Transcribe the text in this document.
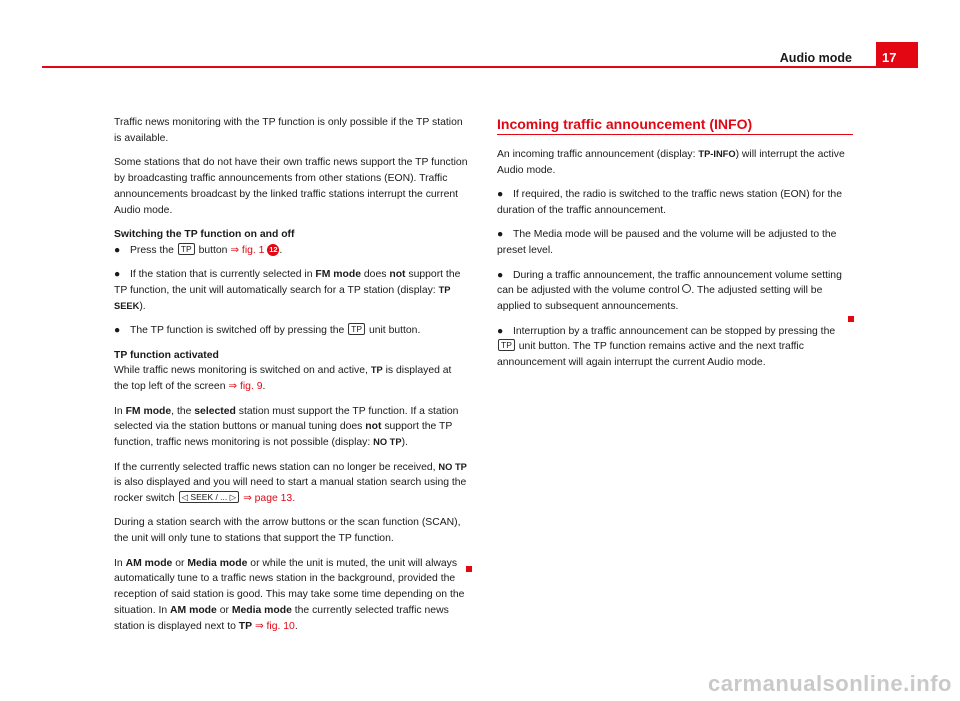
Audio mode	17

Traffic news monitoring with the TP function is only possible if the TP station is available.

Some stations that do not have their own traffic news support the TP function by broadcasting traffic announcements from other stations (EON). Traffic announcements broadcast by the linked traffic stations interrupt the current Audio mode.

Switching the TP function on and off

● Press the TP button ⇒ fig. 1 12 .

● If the station that is currently selected in FM mode does not support the TP function, the unit will automatically search for a TP station (display: TP SEEK).

● The TP function is switched off by pressing the TP unit button.

TP function activated

While traffic news monitoring is switched on and active, TP is displayed at the top left of the screen ⇒ fig. 9.

In FM mode, the selected station must support the TP function. If a station selected via the station buttons or manual tuning does not support the TP function, traffic news monitoring is not possible (display: NO TP).

If the currently selected traffic news station can no longer be received, NO TP is also displayed and you will need to start a manual station search using the rocker switch ◁ SEEK / ... ▷ ⇒ page 13.

During a station search with the arrow buttons or the scan function (SCAN), the unit will only tune to stations that support the TP function.

In AM mode or Media mode or while the unit is muted, the unit will always automatically tune to a traffic news station in the background, provided the reception of said station is good. This may take some time depending on the situation. In AM mode or Media mode the currently selected traffic news station is displayed next to TP ⇒ fig. 10.

Incoming traffic announcement (INFO)

An incoming traffic announcement (display: TP-INFO) will interrupt the active Audio mode.

● If required, the radio is switched to the traffic news station (EON) for the duration of the traffic announcement.

● The Media mode will be paused and the volume will be adjusted to the preset level.

● During a traffic announcement, the traffic announcement volume setting can be adjusted with the volume control . The adjusted setting will be applied to subsequent announcements.

● Interruption by a traffic announcement can be stopped by pressing the TP unit button. The TP function remains active and the next traffic announcement will again interrupt the current Audio mode.

carmanualsonline.info
